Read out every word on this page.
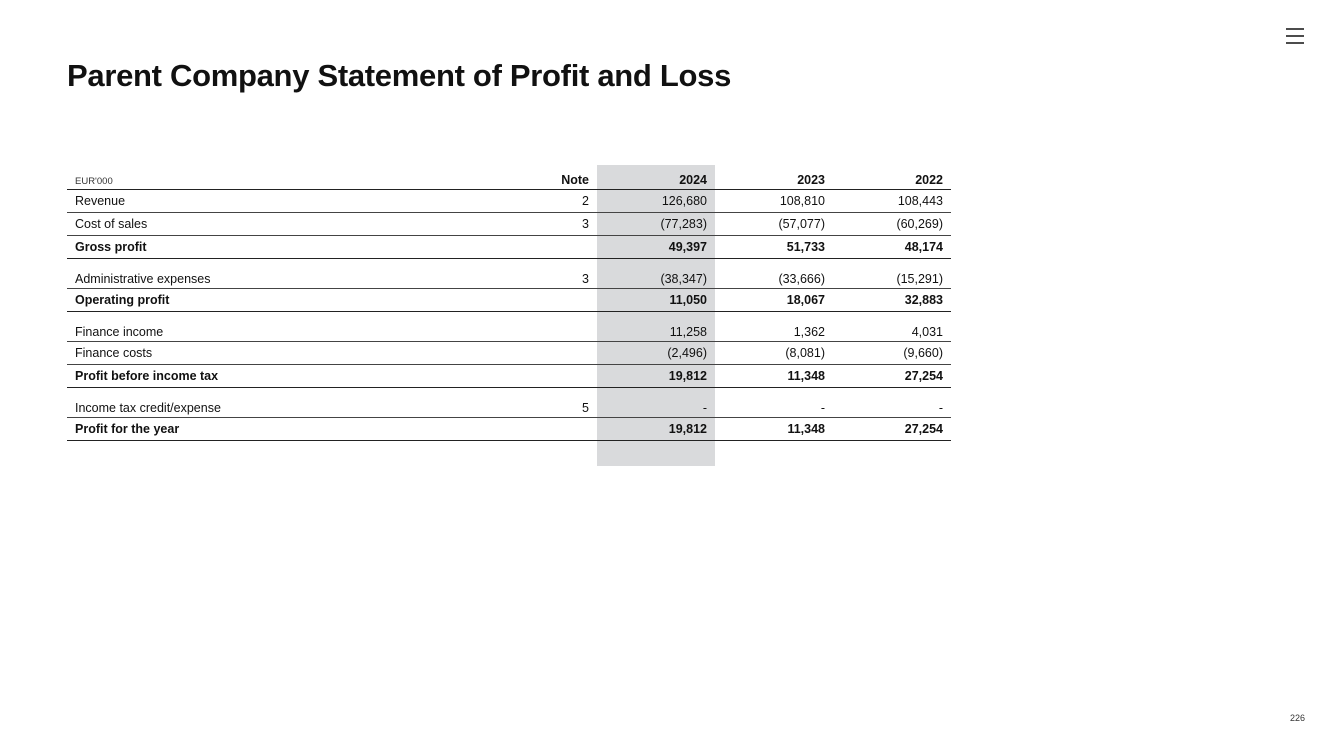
Parent Company Statement of Profit and Loss
EUR'000	Note	2024	2023	2022
Revenue	2	126,680	108,810	108,443
Cost of sales	3	(77,283)	(57,077)	(60,269)
Gross profit		49,397	51,733	48,174
Administrative expenses	3	(38,347)	(33,666)	(15,291)
Operating profit		11,050	18,067	32,883
Finance income		11,258	1,362	4,031
Finance costs		(2,496)	(8,081)	(9,660)
Profit before income tax		19,812	11,348	27,254
Income tax credit/expense	5	-	-	-
Profit for the year		19,812	11,348	27,254
226
